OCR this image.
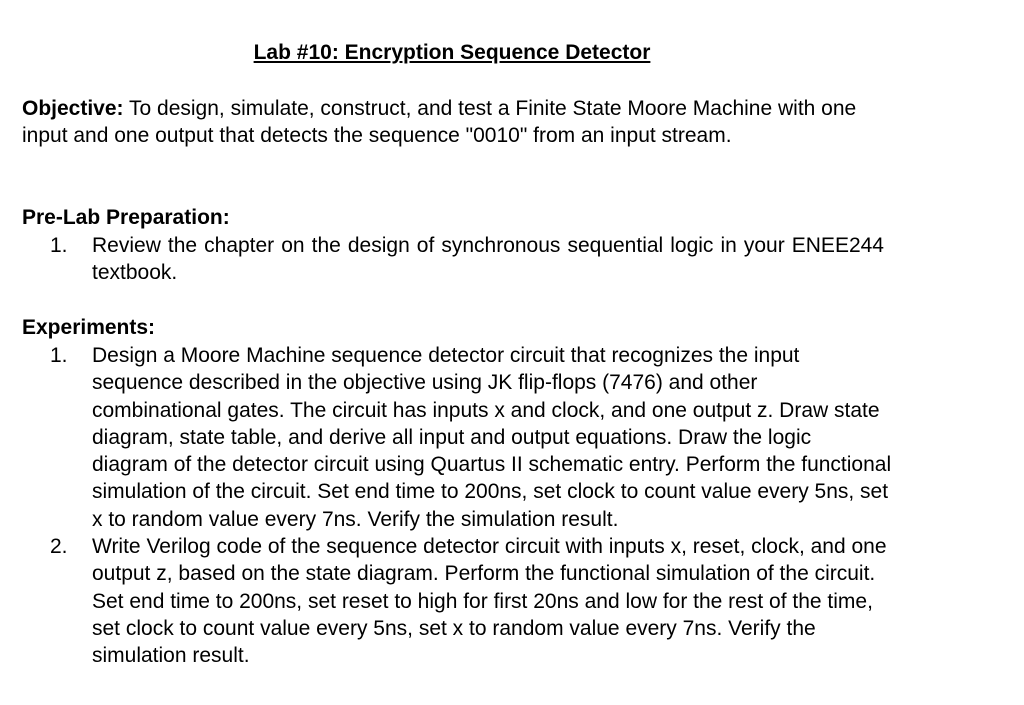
Lab #10: Encryption Sequence Detector
Objective: To design, simulate, construct, and test a Finite State Moore Machine with one input and one output that detects the sequence "0010" from an input stream.
Pre-Lab Preparation:
1.	Review the chapter on the design of synchronous sequential logic in your ENEE244 textbook.
Experiments:
1.	Design a Moore Machine sequence detector circuit that recognizes the input sequence described in the objective using JK flip-flops (7476) and other combinational gates. The circuit has inputs x and clock, and one output z. Draw state diagram, state table, and derive all input and output equations. Draw the logic diagram of the detector circuit using Quartus II schematic entry. Perform the functional simulation of the circuit. Set end time to 200ns, set clock to count value every 5ns, set x to random value every 7ns. Verify the simulation result.
2.	Write Verilog code of the sequence detector circuit with inputs x, reset, clock, and one output z, based on the state diagram. Perform the functional simulation of the circuit. Set end time to 200ns, set reset to high for first 20ns and low for the rest of the time, set clock to count value every 5ns, set x to random value every 7ns. Verify the simulation result.
